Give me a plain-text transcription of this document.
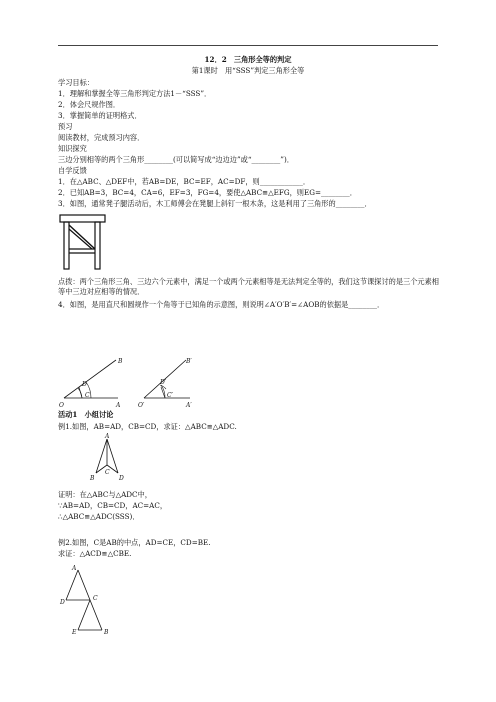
12．2　三角形全等的判定
第1课时　用“SSS”判定三角形全等
学习目标：
1．理解和掌握全等三角形判定方法1－“SSS”．
2．体会尺规作图．
3．掌握简单的证明格式．
预习
阅读教材，完成预习内容．
知识探究
三边分别相等的两个三角形________(可以简写成“边边边”或“________”)．
自学反馈
1．在△ABC、△DEF中，若AB=DE，BC=EF，AC=DF，则____________．
2．已知AB=3，BC=4，CA=6，EF=3，FG=4，要使△ABC≌△EFG，则EG=________．
3．如图，通常凳子腿活动后，木工师傅会在凳腿上斜钉一根木条，这是利用了三角形的________．
点拨：两个三角形三角、三边六个元素中，满足一个或两个元素相等是无法判定全等的，我们这节课探讨的是三个元素相等中三边对应相等的情况．
4．如图，是用直尺和圆规作一个角等于已知角的示意图，则说明∠A′O′B′=∠AOB的依据是________．
O	A
B
C
D
O′	A′
B′
C′
D′
活动1　小组讨论
例1.如图，AB=AD，CB=CD，求证：△ABC≌△ADC.
A
B
C
D
证明：在△ABC与△ADC中，
∵AB=AD，CB=CD，AC=AC，
∴△ABC≌△ADC(SSS)．
例2.如图，C是AB的中点，AD=CE，CD=BE.
求证：△ACD≌△CBE.
A
B
C
D
E
